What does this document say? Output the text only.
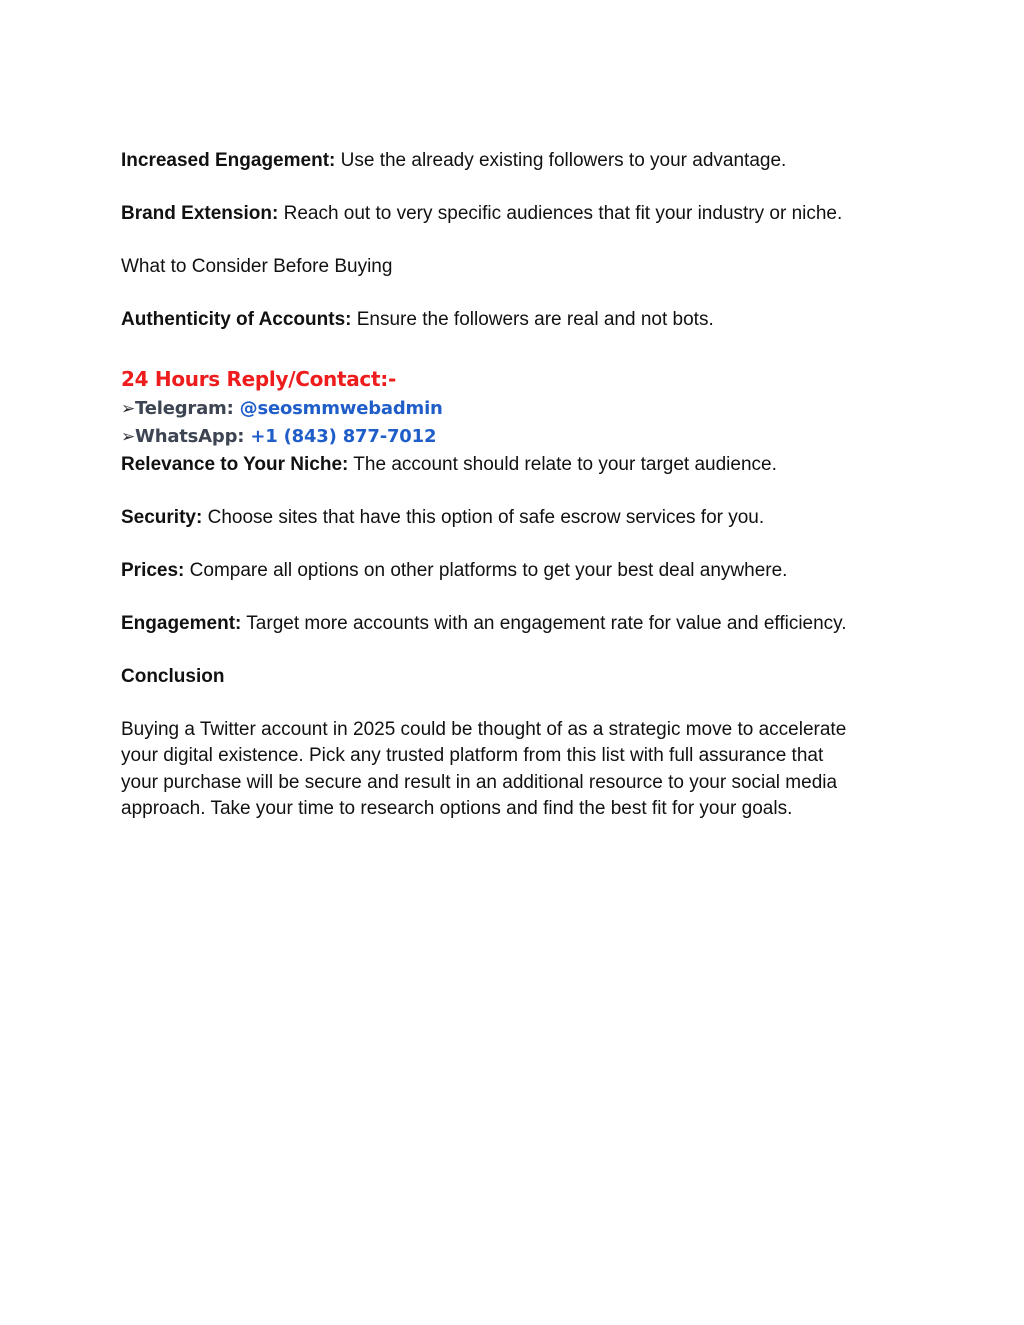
Increased Engagement: Use the already existing followers to your advantage.

Brand Extension: Reach out to very specific audiences that fit your industry or niche.

What to Consider Before Buying

Authenticity of Accounts: Ensure the followers are real and not bots.

24 Hours Reply/Contact:-

➢Telegram: @seosmmwebadmin

➢WhatsApp: +1 (843) 877-7012

Relevance to Your Niche: The account should relate to your target audience.

Security: Choose sites that have this option of safe escrow services for you.

Prices: Compare all options on other platforms to get your best deal anywhere.

Engagement: Target more accounts with an engagement rate for value and efficiency.

Conclusion

Buying a Twitter account in 2025 could be thought of as a strategic move to accelerate
your digital existence. Pick any trusted platform from this list with full assurance that
your purchase will be secure and result in an additional resource to your social media
approach. Take your time to research options and find the best fit for your goals.
